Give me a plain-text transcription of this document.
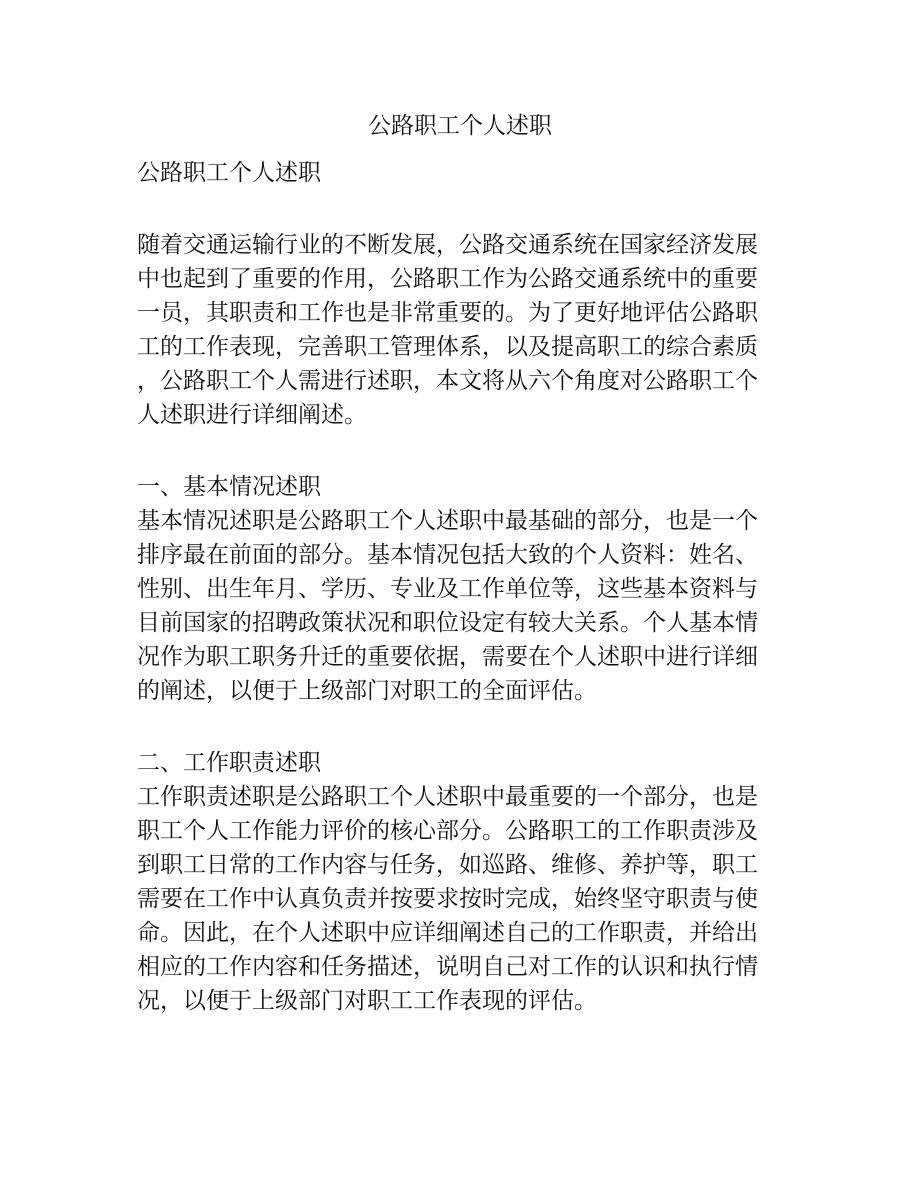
公路职工个人述职
公路职工个人述职
随着交通运输行业的不断发展，公路交通系统在国家经济发展
中也起到了重要的作用，公路职工作为公路交通系统中的重要
一员，其职责和工作也是非常重要的。为了更好地评估公路职
工的工作表现，完善职工管理体系，以及提高职工的综合素质
，公路职工个人需进行述职，本文将从六个角度对公路职工个
人述职进行详细阐述。
一、基本情况述职
基本情况述职是公路职工个人述职中最基础的部分，也是一个
排序最在前面的部分。基本情况包括大致的个人资料：姓名、
性别、出生年月、学历、专业及工作单位等，这些基本资料与
目前国家的招聘政策状况和职位设定有较大关系。个人基本情
况作为职工职务升迁的重要依据，需要在个人述职中进行详细
的阐述，以便于上级部门对职工的全面评估。
二、工作职责述职
工作职责述职是公路职工个人述职中最重要的一个部分，也是
职工个人工作能力评价的核心部分。公路职工的工作职责涉及
到职工日常的工作内容与任务，如巡路、维修、养护等，职工
需要在工作中认真负责并按要求按时完成，始终坚守职责与使
命。因此，在个人述职中应详细阐述自己的工作职责，并给出
相应的工作内容和任务描述，说明自己对工作的认识和执行情
况，以便于上级部门对职工工作表现的评估。
